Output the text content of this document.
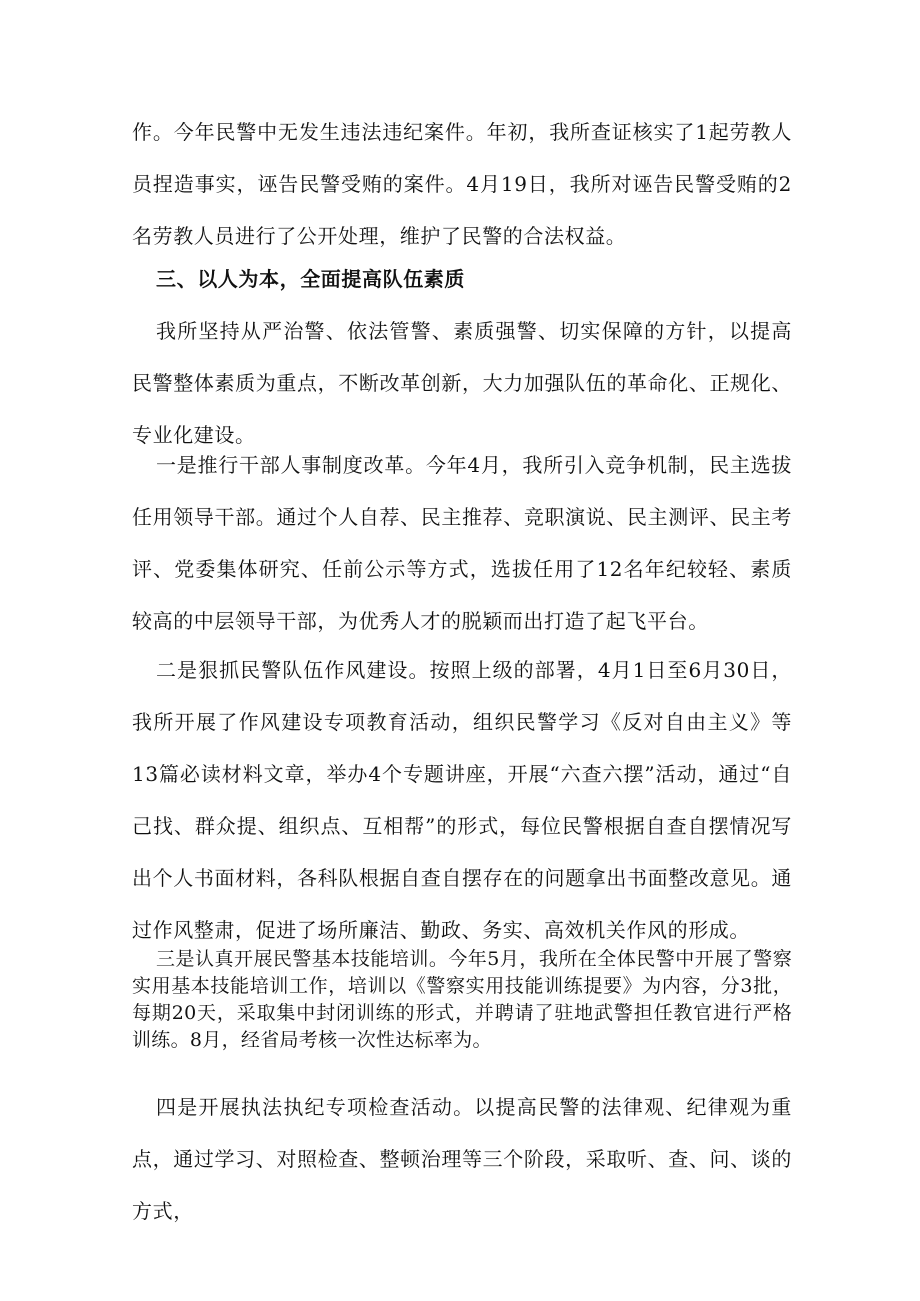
作。今年民警中无发生违法违纪案件。年初，我所查证核实了1起劳教人员捏造事实，诬告民警受贿的案件。4月19日，我所对诬告民警受贿的2名劳教人员进行了公开处理，维护了民警的合法权益。

三、以人为本，全面提高队伍素质

我所坚持从严治警、依法管警、素质强警、切实保障的方针，以提高民警整体素质为重点，不断改革创新，大力加强队伍的革命化、正规化、专业化建设。

一是推行干部人事制度改革。今年4月，我所引入竞争机制，民主选拔任用领导干部。通过个人自荐、民主推荐、竞职演说、民主测评、民主考评、党委集体研究、任前公示等方式，选拔任用了12名年纪较轻、素质较高的中层领导干部，为优秀人才的脱颖而出打造了起飞平台。

二是狠抓民警队伍作风建设。按照上级的部署，4月1日至6月30日，我所开展了作风建设专项教育活动，组织民警学习《反对自由主义》等13篇必读材料文章，举办4个专题讲座，开展“六查六摆”活动，通过“自己找、群众提、组织点、互相帮”的形式，每位民警根据自查自摆情况写出个人书面材料，各科队根据自查自摆存在的问题拿出书面整改意见。通过作风整肃，促进了场所廉洁、勤政、务实、高效机关作风的形成。

三是认真开展民警基本技能培训。今年5月，我所在全体民警中开展了警察实用基本技能培训工作，培训以《警察实用技能训练提要》为内容，分3批，每期20天，采取集中封闭训练的形式，并聘请了驻地武警担任教官进行严格训练。8月，经省局考核一次性达标率为。

四是开展执法执纪专项检查活动。以提高民警的法律观、纪律观为重点，通过学习、对照检查、整顿治理等三个阶段，采取听、查、问、谈的方式，
